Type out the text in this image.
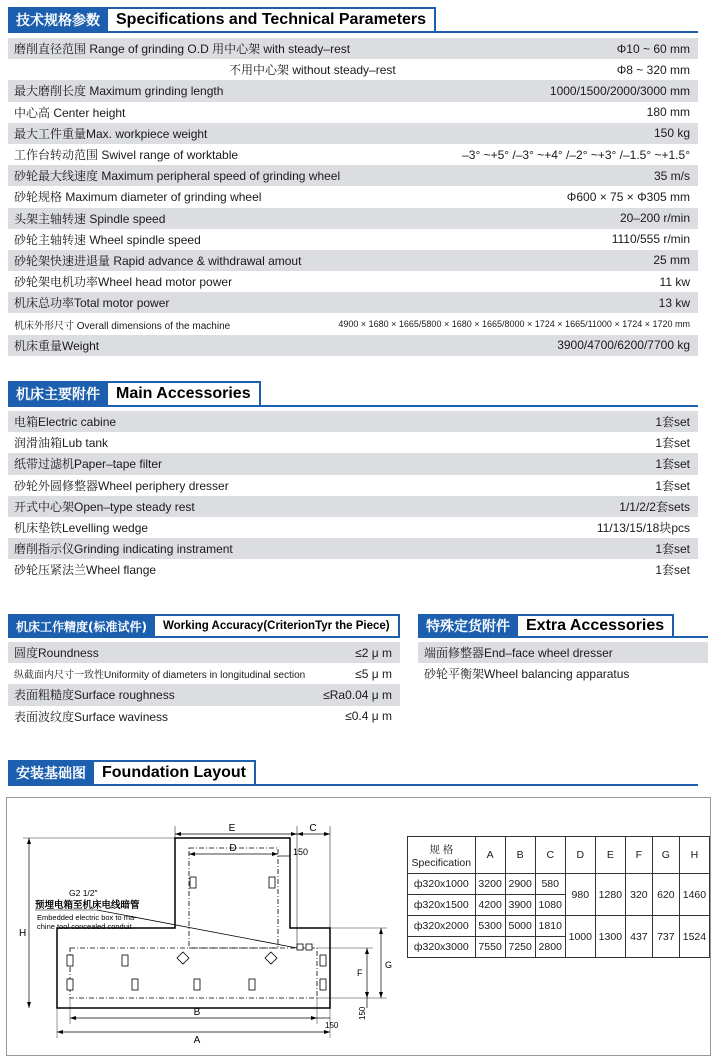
技术规格参数	Specifications and Technical Parameters
磨削直径范围 Range of grinding O.D 用中心架 with steady–rest	Φ10 ~ 60 mm
不用中心架 without steady–rest	Φ8 ~ 320 mm
最大磨削长度 Maximum grinding length	1000/1500/2000/3000 mm
中心高 Center height	180 mm
最大工件重量Max. workpiece weight	150 kg
工作台转动范围 Swivel range of worktable	–3° ~+5° /–3° ~+4° /–2° ~+3° /–1.5° ~+1.5°
砂轮最大线速度 Maximum peripheral speed of grinding wheel	35 m/s
砂轮规格 Maximum diameter of grinding wheel	Φ600 × 75 × Φ305 mm
头架主轴转速 Spindle speed	20–200 r/min
砂轮主轴转速 Wheel spindle speed	1110/555 r/min
砂轮架快速进退量 Rapid advance & withdrawal amout	25 mm
砂轮架电机功率Wheel head motor power	11 kw
机床总功率Total motor power	13 kw
机床外形尺寸 Overall dimensions of the machine	4900 × 1680 × 1665/5800 × 1680 × 1665/8000 × 1724 × 1665/11000 × 1724 × 1720 mm
机床重量Weight	3900/4700/6200/7700 kg
机床主要附件	Main Accessories
电箱Electric cabine	1套set
润滑油箱Lub tank	1套set
纸带过滤机Paper–tape filter	1套set
砂轮外圆修整器Wheel periphery dresser	1套set
开式中心架Open–type steady rest	1/1/2/2套sets
机床垫铁Levelling wedge	11/13/15/18块pcs
磨削指示仪Grinding indicating instrament	1套set
砂轮压紧法兰Wheel flange	1套set
机床工作精度(标准试件)	Working Accuracy(CriterionTyr the Piece)
圆度Roundness	≤2 μ m
纵截面内尺寸一致性Uniformity of diameters in longitudinal section	≤5 μ m
表面粗糙度Surface roughness	≤Ra0.04 μ m
表面波纹度Surface waviness	≤0.4 μ m
特殊定货附件	Extra Accessories
端面修整器End–face wheel dresser
砂轮平衡架Wheel balancing apparatus
安装基础图	Foundation Layout
E	C
D	150
H
F
G
150
B
150
A
G2 1/2"
预埋电箱至机床电线暗管
Embedded electric box to ma-
chine tool concealed conduit
规 格
Specification	A	B	C	D	E	F	G	H
ф320x1000	3200	2900	580	980	1280	320	620	1460
ф320x1500	4200	3900	1080					
ф320x2000	5300	5000	1810	1000	1300	437	737	1524
ф320x3000	7550	7250	2800					
